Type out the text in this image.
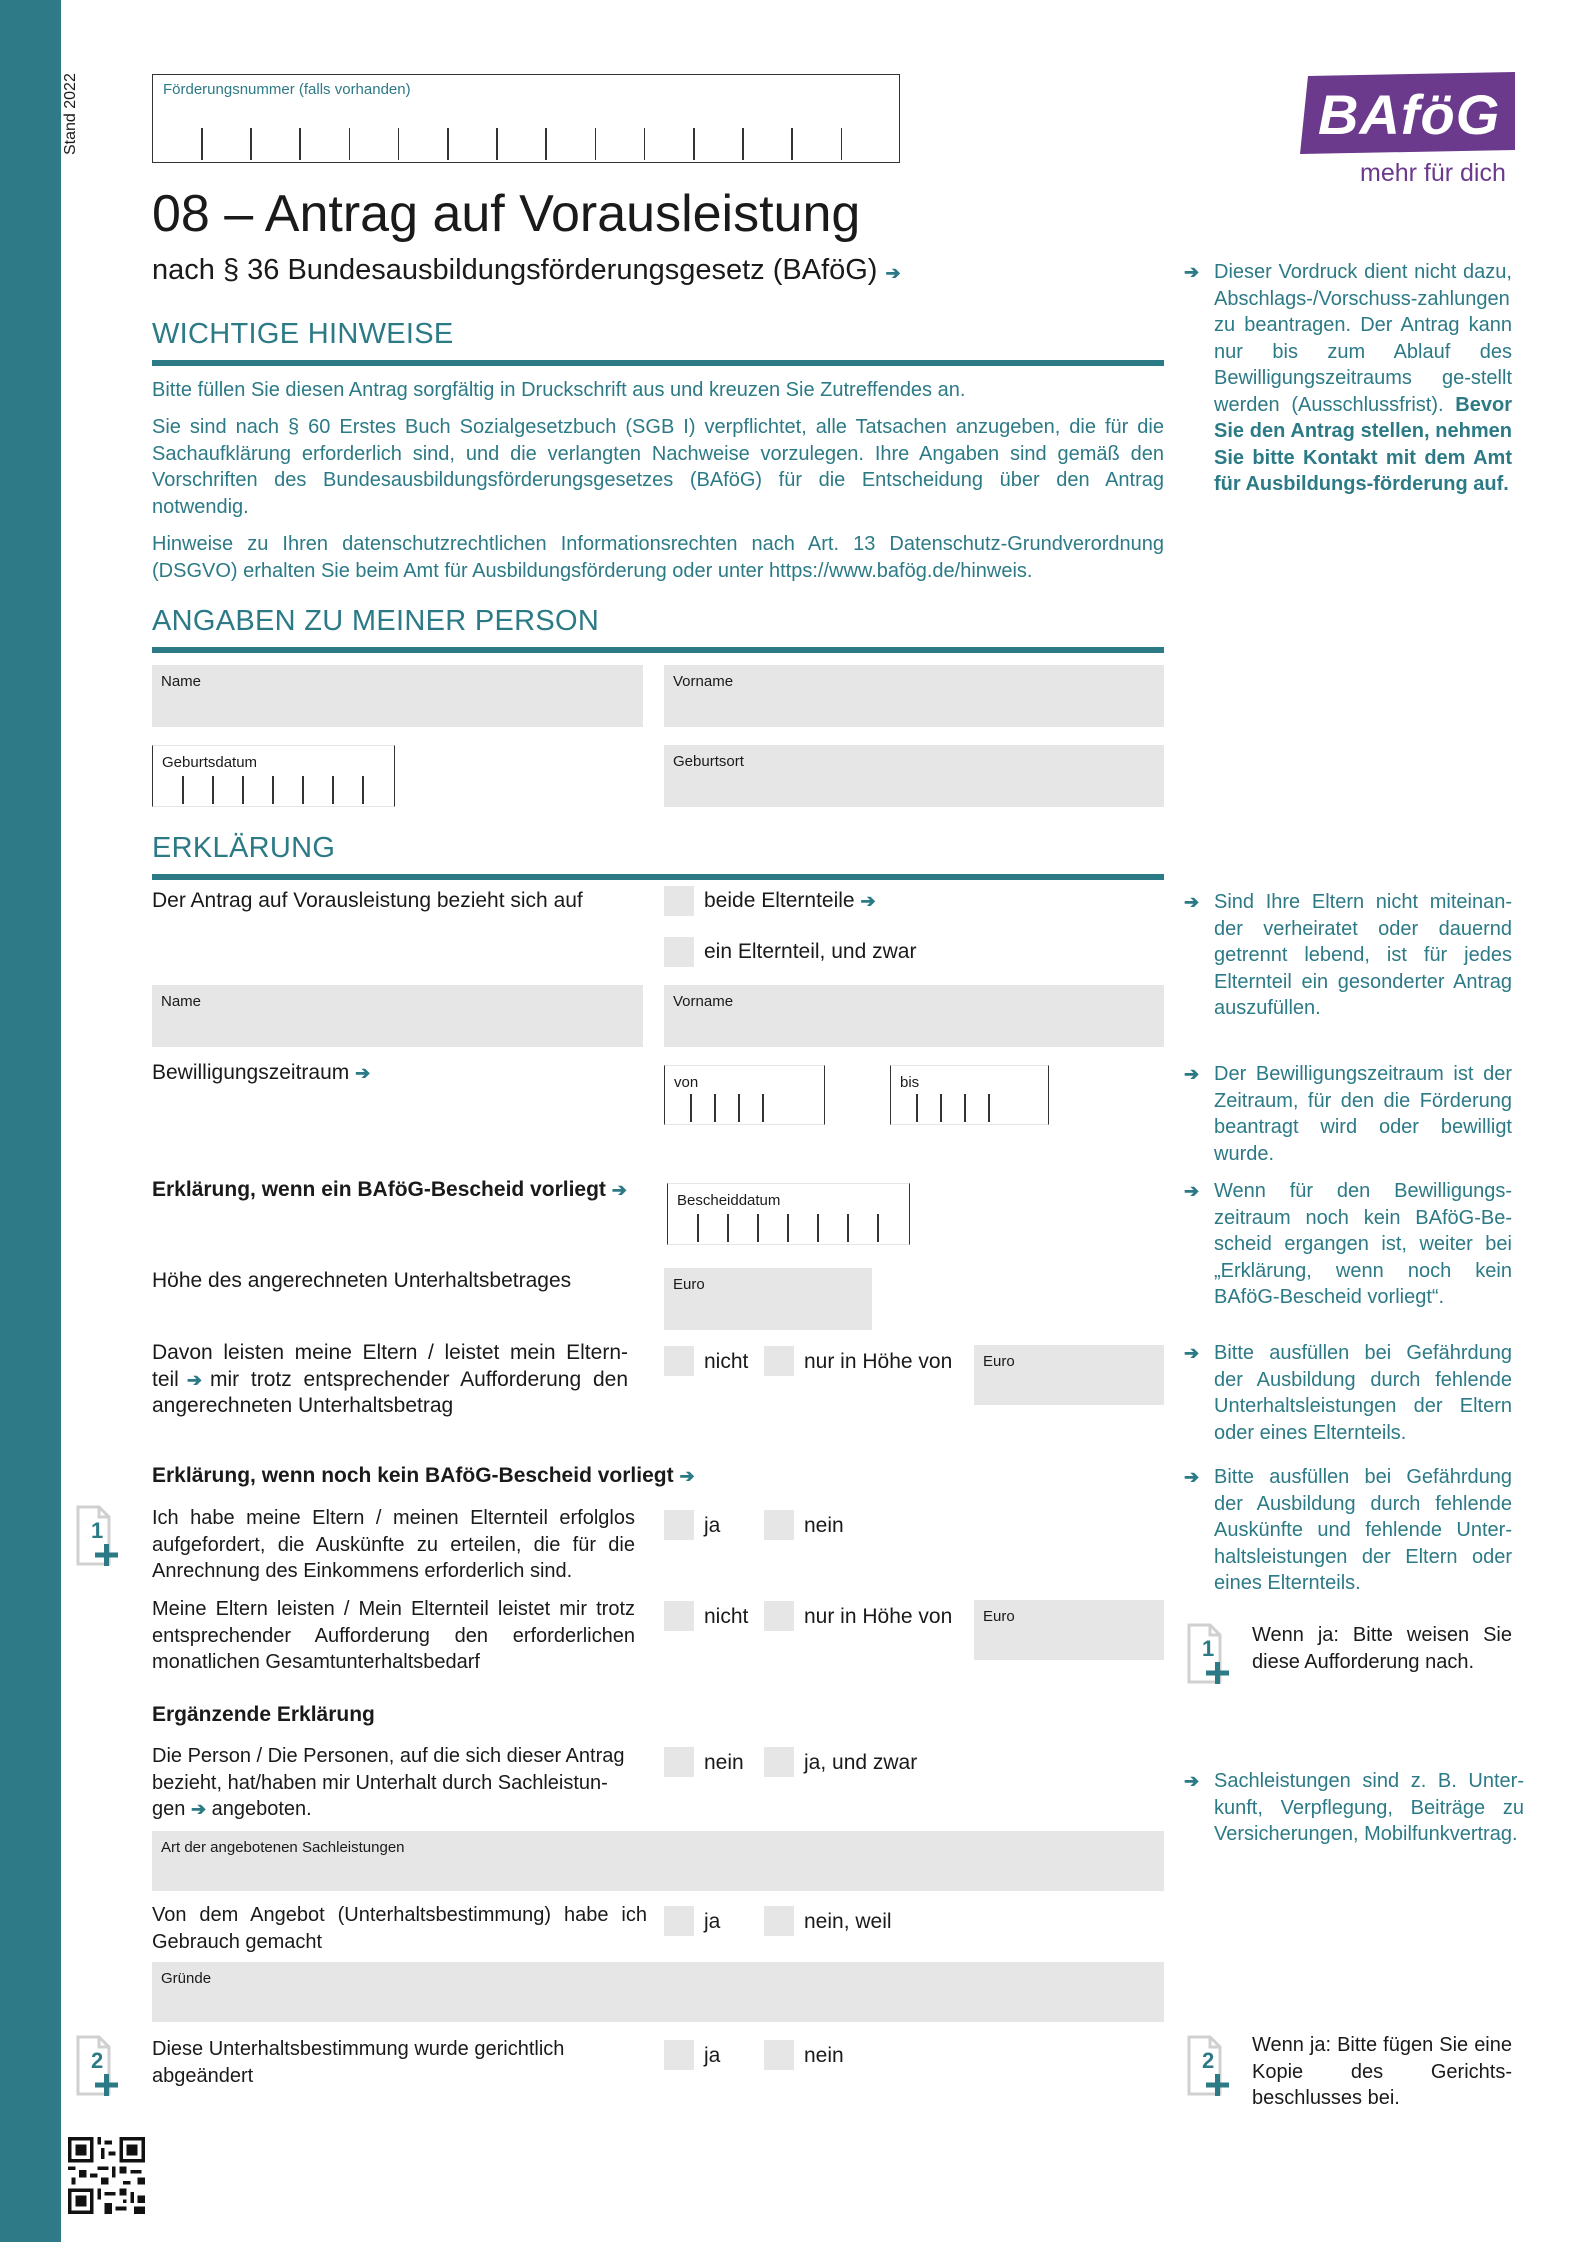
Stand 2022	Förderungsnummer (falls vorhanden)	BAföG
mehr für dich
08 – Antrag auf Vorausleistung
nach § 36 Bundesausbildungsförderungsgesetz (BAföG) ➔
WICHTIGE HINWEISE
Bitte füllen Sie diesen Antrag sorgfältig in Druckschrift aus und kreuzen Sie Zutreffendes an.
Sie sind nach § 60 Erstes Buch Sozialgesetzbuch (SGB I) verpflichtet, alle Tatsachen anzugeben, die für die Sachaufklärung erforderlich sind, und die verlangten Nachweise vorzulegen. Ihre Angaben sind gemäß den Vorschriften des Bundesausbildungsförderungsgesetzes (BAföG) für die Entscheidung über den Antrag notwendig.
Hinweise zu Ihren datenschutzrechtlichen Informationsrechten nach Art. 13 Datenschutz-Grundverordnung (DSGVO) erhalten Sie beim Amt für Ausbildungsförderung oder unter https://www.bafög.de/hinweis.
➔ Dieser Vordruck dient nicht dazu, Abschlags-/Vorschuss-zahlungen zu beantragen. Der Antrag kann nur bis zum Ablauf des Bewilligungszeitraums ge-stellt werden (Ausschlussfrist). Bevor Sie den Antrag stellen, nehmen Sie bitte Kontakt mit dem Amt für Ausbildungs-förderung auf.
ANGABEN ZU MEINER PERSON
Name	Vorname
Geburtsdatum	Geburtsort
ERKLÄRUNG
Der Antrag auf Vorausleistung bezieht sich auf	beide Elternteile ➔
ein Elternteil, und zwar
➔ Sind Ihre Eltern nicht miteinan-der verheiratet oder dauernd getrennt lebend, ist für jedes Elternteil ein gesonderter Antrag auszufüllen.
Name	Vorname
Bewilligungszeitraum ➔	von	bis	➔ Der Bewilligungszeitraum ist der Zeitraum, für den die Förderung beantragt wird oder bewilligt wurde.
Erklärung, wenn ein BAföG-Bescheid vorliegt ➔
Bescheiddatum	➔ Wenn für den Bewilligungs-zeitraum noch kein BAföG-Be-scheid ergangen ist, weiter bei „Erklärung, wenn noch kein BAföG-Bescheid vorliegt“.
Höhe des angerechneten Unterhaltsbetrages	Euro
Davon leisten meine Eltern / leistet mein Eltern-
teil ➔ mir trotz entsprechender Aufforderung den
angerechneten Unterhaltsbetrag
nicht	nur in Höhe von Euro	➔ Bitte ausfüllen bei Gefährdung der Ausbildung durch fehlende Unterhaltsleistungen der Eltern oder eines Elternteils.
Erklärung, wenn noch kein BAföG-Bescheid vorliegt ➔	➔ Bitte ausfüllen bei Gefährdung der Ausbildung durch fehlende Auskünfte und fehlende Unter-haltsleistungen der Eltern oder eines Elternteils.
1 Ich habe meine Eltern / meinen Elternteil erfolglos aufgefordert, die Auskünfte zu erteilen, die für die Anrechnung des Einkommens erforderlich sind.
ja	nein
Meine Eltern leisten / Mein Elternteil leistet mir trotz entsprechender Aufforderung den erforderlichen monatlichen Gesamtunterhaltsbedarf
nicht	nur in Höhe von Euro
1
Wenn ja: Bitte weisen Sie diese Aufforderung nach.
Ergänzende Erklärung
Die Person / Die Personen, auf die sich dieser Antrag
bezieht, hat/haben mir Unterhalt durch Sachleistun-
gen ➔ angeboten.
nein	ja, und zwar
➔ Sachleistungen sind z. B. Unter-kunft, Verpflegung, Beiträge zu Versicherungen, Mobilfunkvertrag.
Art der angebotenen Sachleistungen
Von dem Angebot (Unterhaltsbestimmung) habe ich Gebrauch gemacht
ja	nein, weil
Gründe
2 Diese Unterhaltsbestimmung wurde gerichtlich abgeändert
ja	nein	2
Wenn ja: Bitte fügen Sie eine Kopie des Gerichts-beschlusses bei.
